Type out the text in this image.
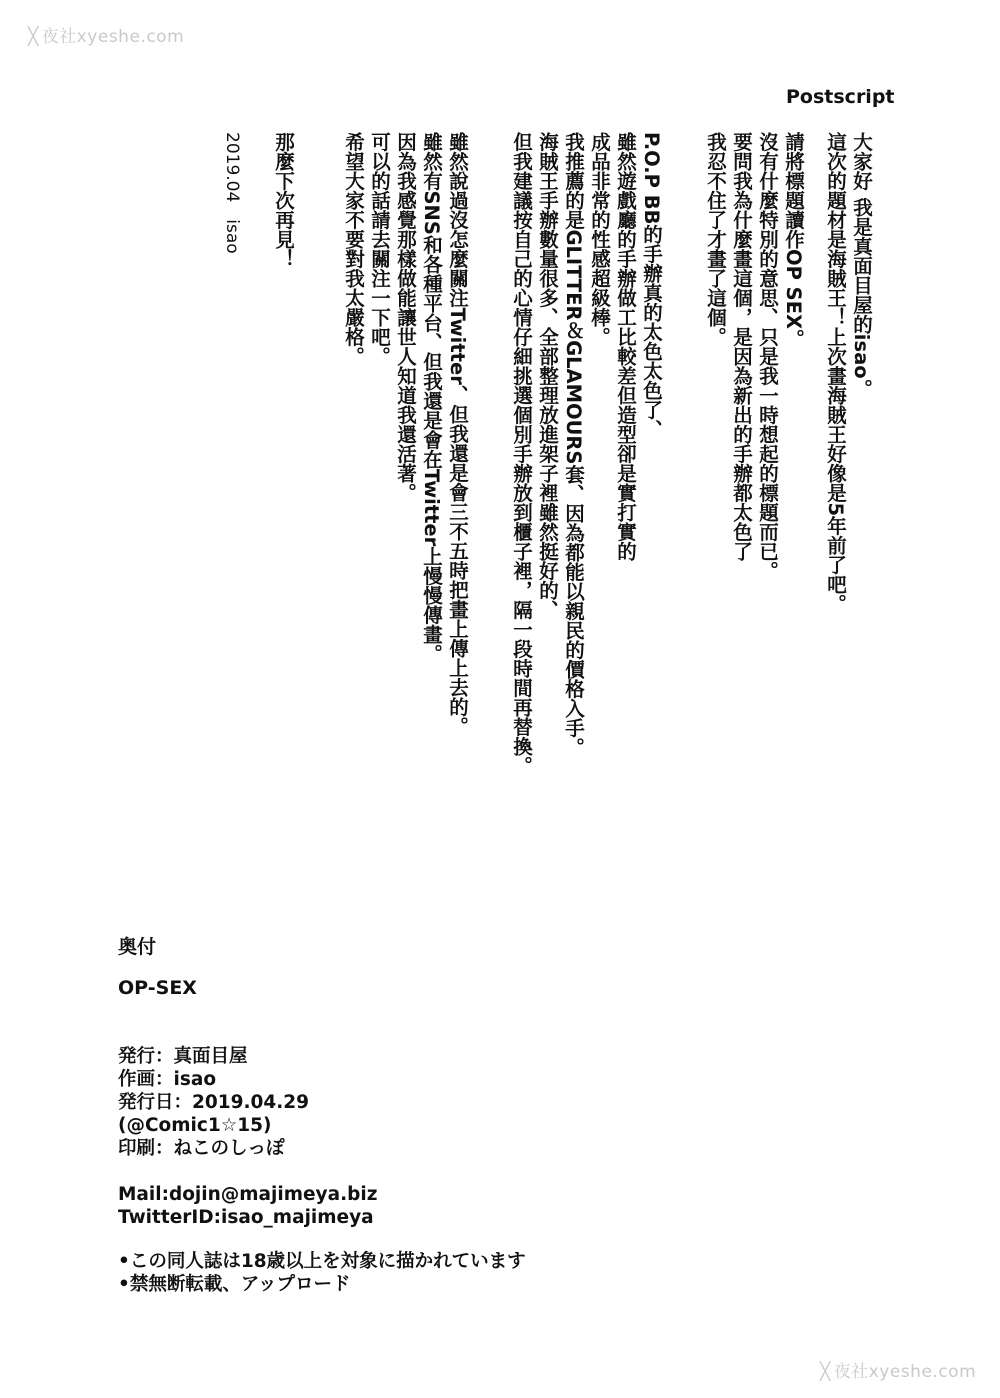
╳ 夜社xyeshe.com
╳ 夜社xyeshe.com
Postscript
大家好 我是真面目屋的isao。
這次的題材是海賊王！上次畫海賊王好像是5年前了吧。
請將標題讀作OP SEX。
沒有什麼特別的意思、只是我一時想起的標題而已。
要問我為什麼畫這個，是因為新出的手辦都太色了
我忍不住了才畫了這個。
P.O.P BB的手辦真的太色太色了、
雖然遊戲廳的手辦做工比較差但造型卻是實打實的
成品非常的性感超級棒。
我推薦的是GLITTER＆GLAMOURS套、因為都能以親民的價格入手。
海賊王手辦數量很多、全部整理放進架子裡雖然挺好的、
但我建議按自己的心情仔細挑選個別手辦放到櫃子裡，隔一段時間再替換。
雖然說過沒怎麼關注Twitter、但我還是會三不五時把畫上傳上去的。
雖然有SNS和各種平台、但我還是會在Twitter上慢慢傳畫。
因為我感覺那樣做能讓世人知道我還活著。
可以的話請去關注一下吧。
希望大家不要對我太嚴格。
那麼下次再見！
2019.04　isao
奥付
OP-SEX
発行：真面目屋
作画：isao
発行日：2019.04.29
(@Comic1☆15)
印刷：ねこのしっぽ
Mail:dojin@majimeya.biz
TwitterID:isao_majimeya
•この同人誌は18歳以上を対象に描かれています
•禁無断転載、アップロード
